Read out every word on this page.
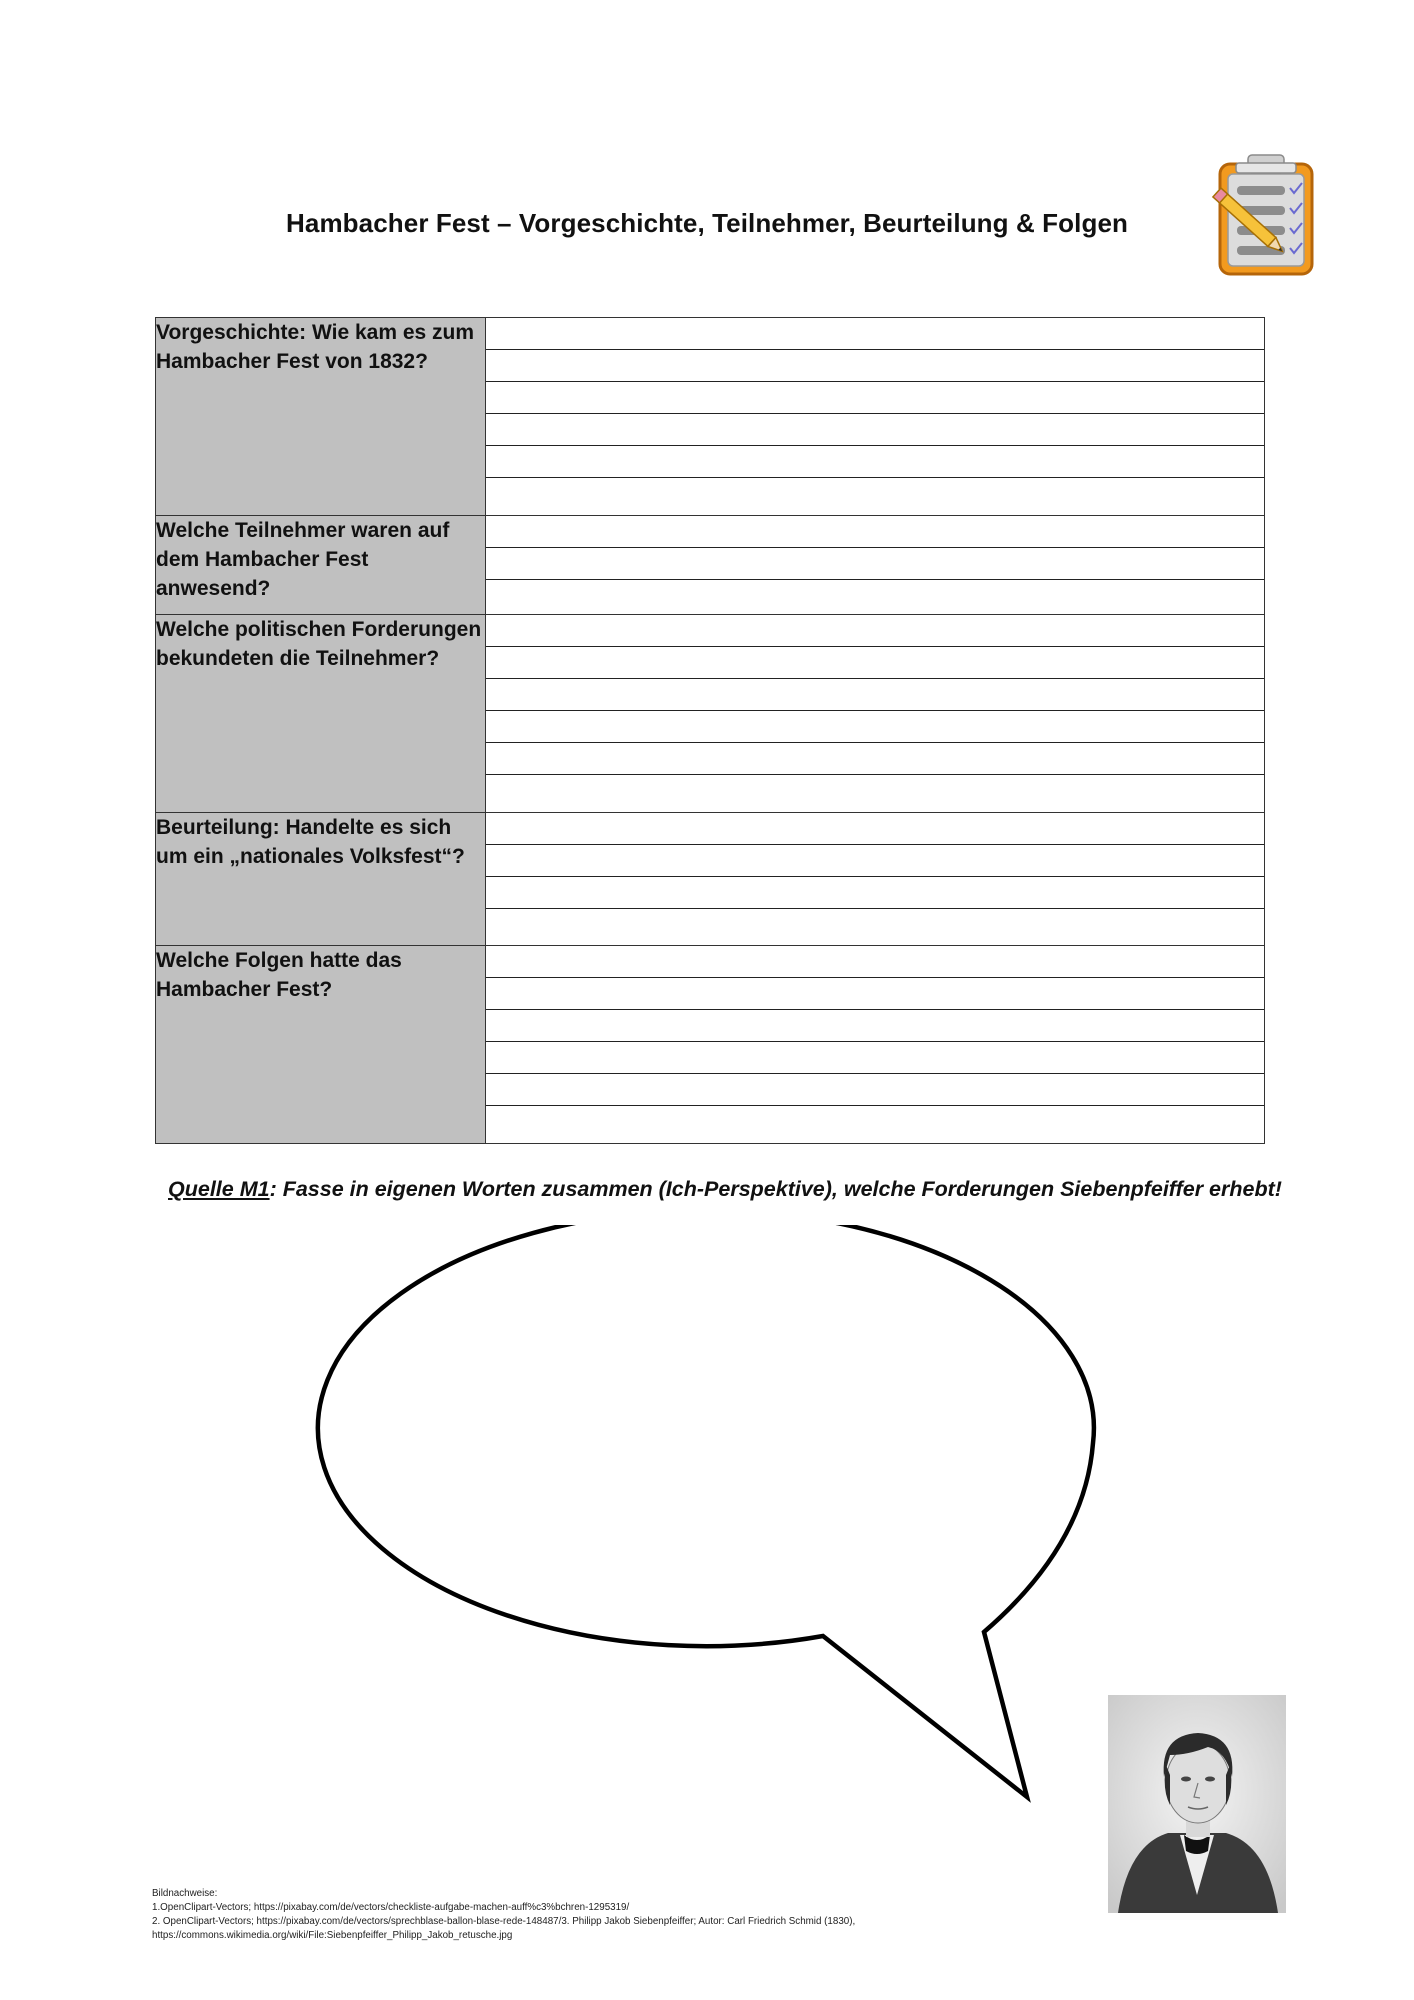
Hambacher Fest – Vorgeschichte, Teilnehmer, Beurteilung & Folgen
Vorgeschichte: Wie kam es zum Hambacher Fest von 1832?	

Welche Teilnehmer waren auf dem Hambacher Fest anwesend?	

Welche politischen Forderungen bekundeten die Teilnehmer?	

Beurteilung: Handelte es sich um ein „nationales Volksfest“?	

Welche Folgen hatte das Hambacher Fest?	
Quelle M1: Fasse in eigenen Worten zusammen (Ich-Perspektive), welche Forderungen Siebenpfeiffer erhebt!
Bildnachweise:
1.OpenClipart-Vectors; https://pixabay.com/de/vectors/checkliste-aufgabe-machen-auff%c3%bchren-1295319/
2. OpenClipart-Vectors; https://pixabay.com/de/vectors/sprechblase-ballon-blase-rede-148487/3. Philipp Jakob Siebenpfeiffer; Autor: Carl Friedrich Schmid (1830),
https://commons.wikimedia.org/wiki/File:Siebenpfeiffer_Philipp_Jakob_retusche.jpg
